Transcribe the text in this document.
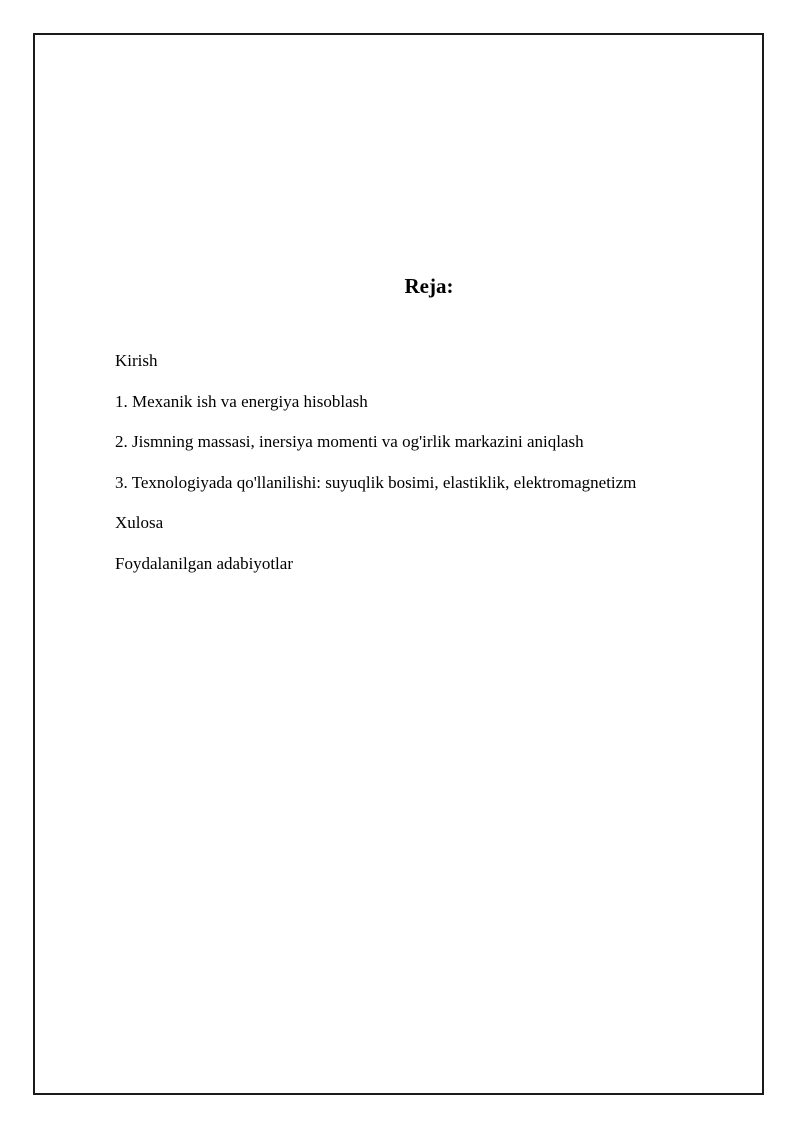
Reja:
Kirish
1. Mexanik ish va energiya hisoblash
2. Jismning massasi, inersiya momenti va og'irlik markazini aniqlash
3. Texnologiyada qo'llanilishi: suyuqlik bosimi, elastiklik, elektromagnetizm
Xulosa
Foydalanilgan adabiyotlar
